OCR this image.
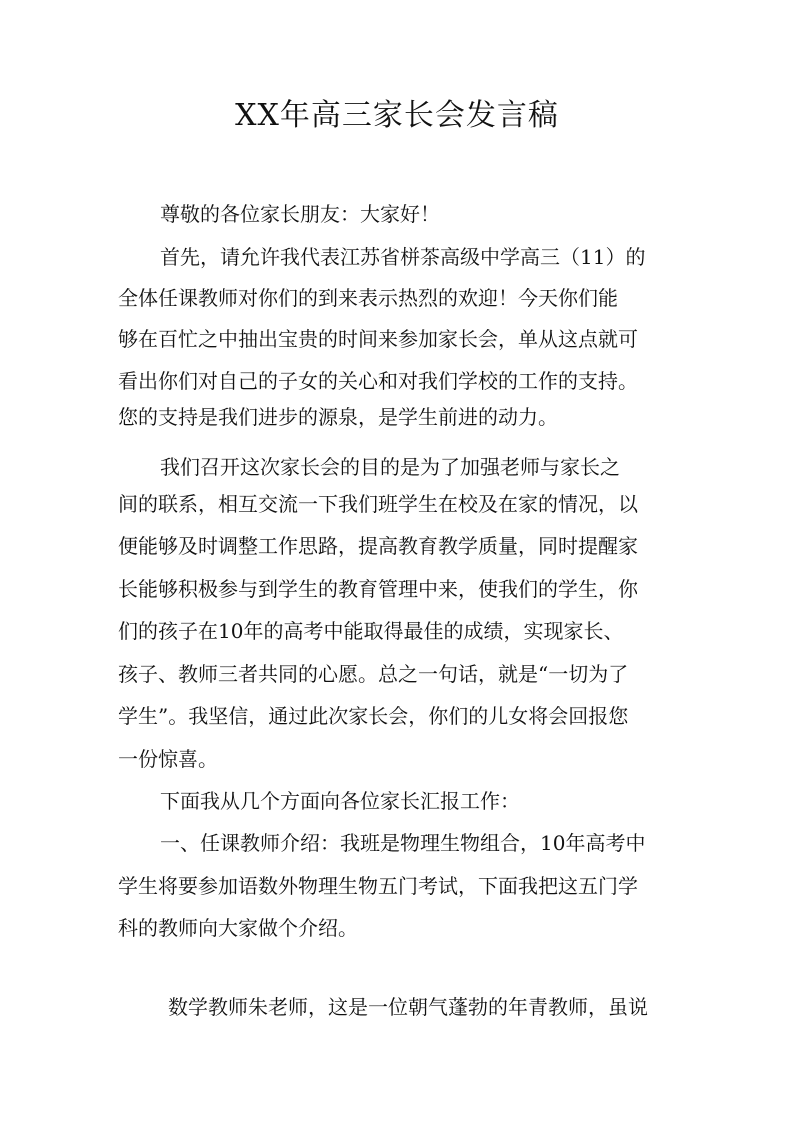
XX年高三家长会发言稿

尊敬的各位家长朋友：大家好！

首先，请允许我代表江苏省栟茶高级中学高三（11）的

全体任课教师对你们的到来表示热烈的欢迎！今天你们能

够在百忙之中抽出宝贵的时间来参加家长会，单从这点就可

看出你们对自己的子女的关心和对我们学校的工作的支持。

您的支持是我们进步的源泉，是学生前进的动力。

我们召开这次家长会的目的是为了加强老师与家长之

间的联系，相互交流一下我们班学生在校及在家的情况，以

便能够及时调整工作思路，提高教育教学质量，同时提醒家

长能够积极参与到学生的教育管理中来，使我们的学生，你

们的孩子在10年的高考中能取得最佳的成绩，实现家长、

孩子、教师三者共同的心愿。总之一句话，就是“一切为了

学生”。我坚信，通过此次家长会，你们的儿女将会回报您

一份惊喜。

下面我从几个方面向各位家长汇报工作：

一、任课教师介绍：我班是物理生物组合，10年高考中

学生将要参加语数外物理生物五门考试，下面我把这五门学

科的教师向大家做个介绍。

数学教师朱老师，这是一位朝气蓬勃的年青教师，虽说
